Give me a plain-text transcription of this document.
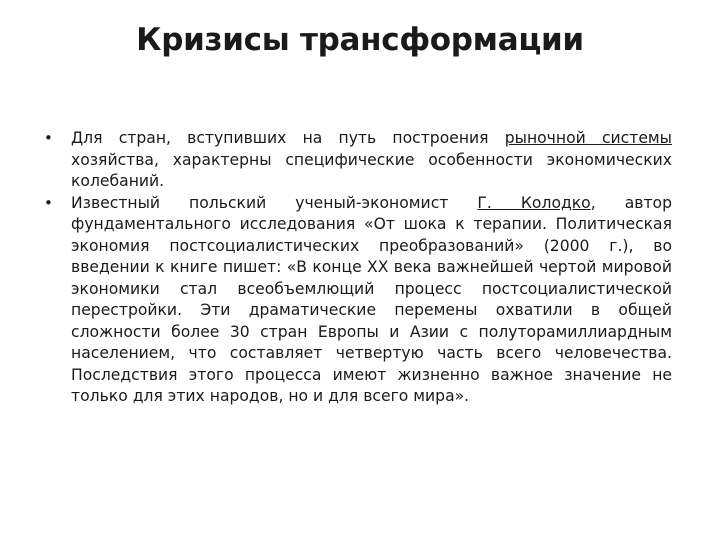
Кризисы трансформации
•	Для стран, вступивших на путь построения рыночной системы хозяйства, характерны специфические особенности экономических колебаний.
•	Известный польский ученый-экономист Г. Колодко, автор фундаментального исследования «От шока к терапии. Политическая экономия постсоциалистических преобразований» (2000 г.), во введении к книге пишет: «В конце XX века важнейшей чертой мировой экономики стал всеобъемлющий процесс постсоциалистической перестройки. Эти драматические перемены охватили в общей сложности более 30 стран Европы и Азии с полуторамиллиардным населением, что составляет четвертую часть всего человечества. Последствия этого процесса имеют жизненно важное значение не только для этих народов, но и для всего мира».
